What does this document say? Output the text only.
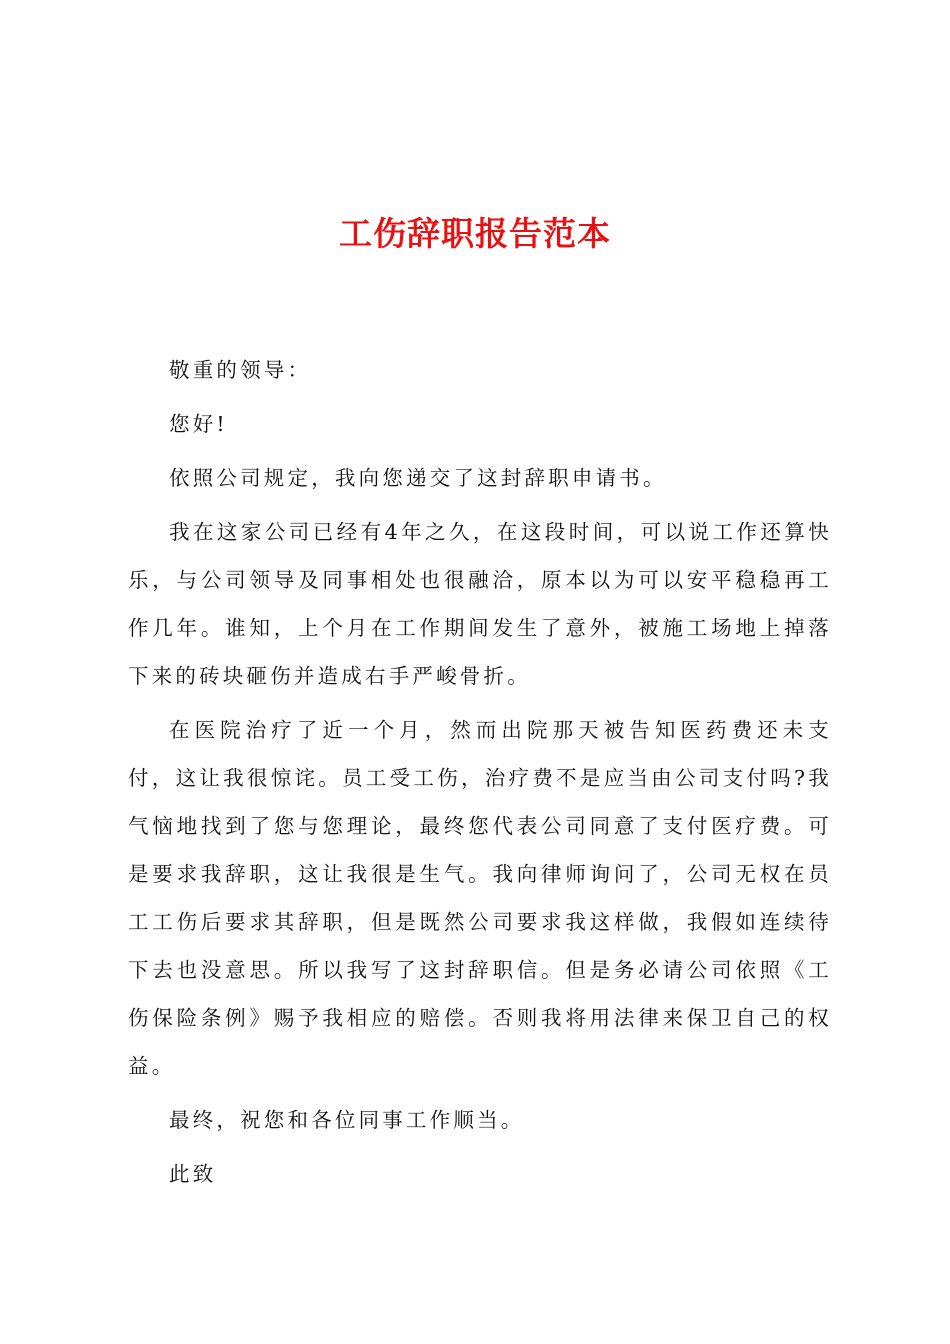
工伤辞职报告范本

敬重的领导：

您好!

依照公司规定，我向您递交了这封辞职申请书。

我在这家公司已经有4年之久，在这段时间，可以说工作还算快乐，与公司领导及同事相处也很融洽，原本以为可以安平稳稳再工作几年。谁知，上个月在工作期间发生了意外，被施工场地上掉落下来的砖块砸伤并造成右手严峻骨折。

在医院治疗了近一个月，然而出院那天被告知医药费还未支付，这让我很惊诧。员工受工伤，治疗费不是应当由公司支付吗?我气恼地找到了您与您理论，最终您代表公司同意了支付医疗费。可是要求我辞职，这让我很是生气。我向律师询问了，公司无权在员工工伤后要求其辞职，但是既然公司要求我这样做，我假如连续待下去也没意思。所以我写了这封辞职信。但是务必请公司依照《工伤保险条例》赐予我相应的赔偿。否则我将用法律来保卫自己的权益。

最终，祝您和各位同事工作顺当。

此致
